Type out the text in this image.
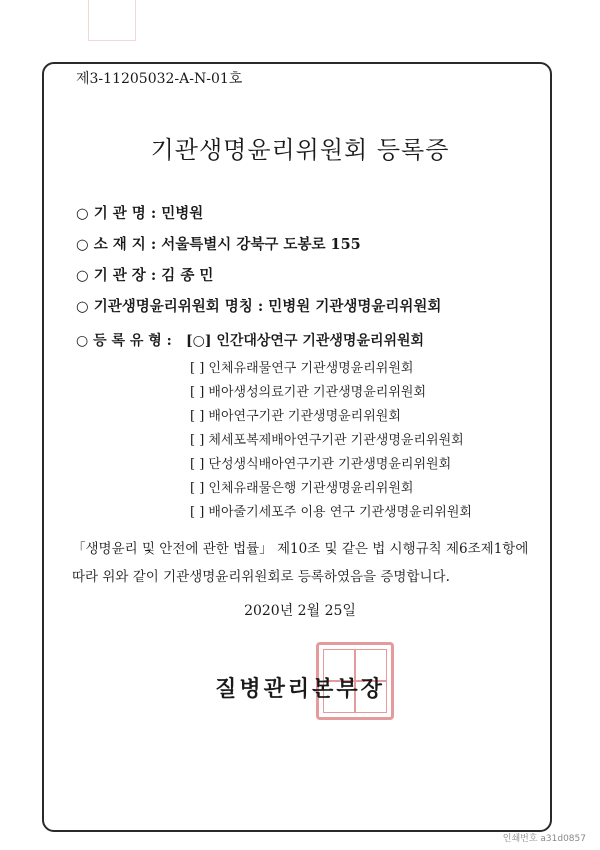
제3-11205032-A-N-01호
기관생명윤리위원회 등록증
○ 기 관 명 : 민병원
○ 소 재 지 : 서울특별시 강북구 도봉로 155
○ 기 관 장 : 김 종 민
○ 기관생명윤리위원회 명칭 : 민병원 기관생명윤리위원회
○ 등 록 유 형 : [○] 인간대상연구 기관생명윤리위원회
[ ] 인체유래물연구 기관생명윤리위원회
[ ] 배아생성의료기관 기관생명윤리위원회
[ ] 배아연구기관 기관생명윤리위원회
[ ] 체세포복제배아연구기관 기관생명윤리위원회
[ ] 단성생식배아연구기관 기관생명윤리위원회
[ ] 인체유래물은행 기관생명윤리위원회
[ ] 배아줄기세포주 이용 연구 기관생명윤리위원회
「생명윤리 및 안전에 관한 법률」 제10조 및 같은 법 시행규칙 제6조제1항에
따라 위와 같이 기관생명윤리위원회로 등록하였음을 증명합니다.
2020년 2월 25일
질병관리본부장
인쇄번호 a31d0857
